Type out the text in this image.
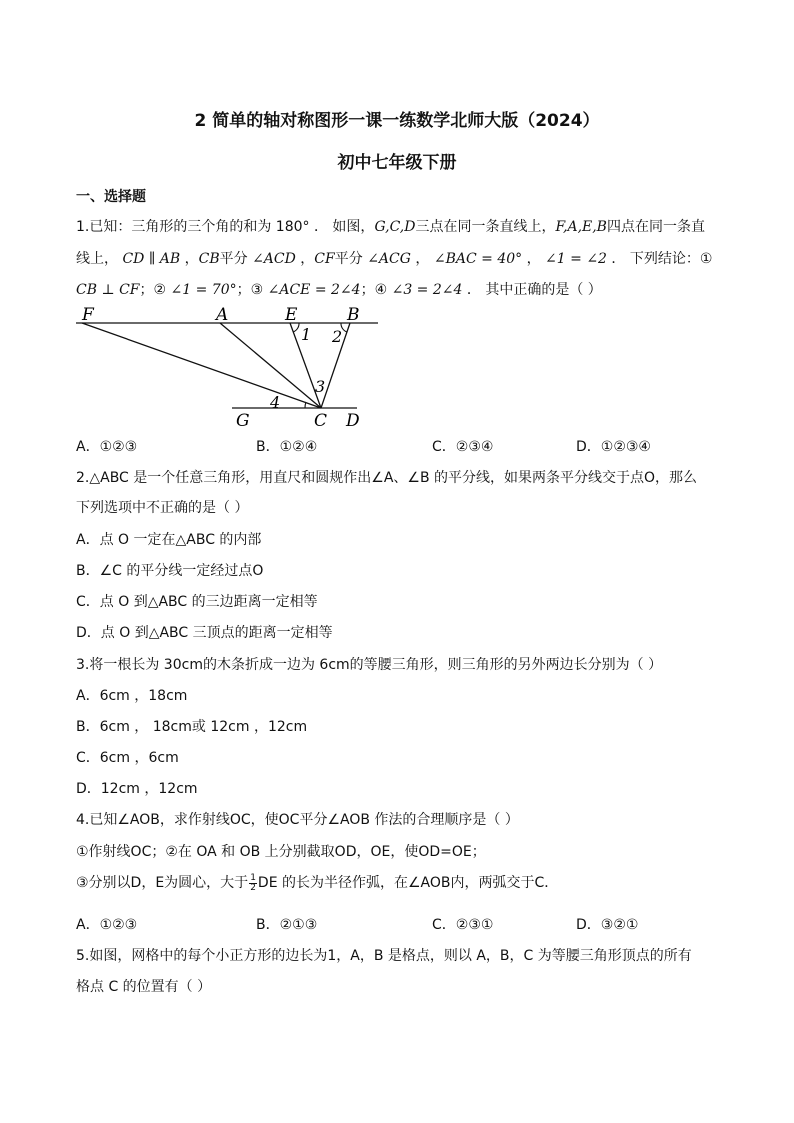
2 简单的轴对称图形一课一练数学北师大版（2024）
初中七年级下册
一、选择题
1.已知：三角形的三个角的和为 180° ． 如图，G,C,D三点在同一条直线上，F,A,E,B四点在同一条直
线上， CD ∥ AB ，CB平分 ∠ACD ，CF平分 ∠ACG ， ∠BAC = 40° ， ∠1 = ∠2 ． 下列结论：①
CB ⊥ CF；② ∠1 = 70°；③ ∠ACE = 2∠4；④ ∠3 = 2∠4 ． 其中正确的是（ ）
F	A	E	B
1 2
3
4
G	C D
A．①②③	B．①②④	C．②③④	D．①②③④
2.△ABC 是一个任意三角形，用直尺和圆规作出∠A、∠B 的平分线，如果两条平分线交于点O，那么
下列选项中不正确的是（ ）
A．点 O 一定在△ABC 的内部
B．∠C 的平分线一定经过点O
C．点 O 到△ABC 的三边距离一定相等
D．点 O 到△ABC 三顶点的距离一定相等
3.将一根长为 30cm的木条折成一边为 6cm的等腰三角形，则三角形的另外两边长分别为（ ）
A．6cm ，18cm
B．6cm ， 18cm或 12cm ，12cm
C．6cm ，6cm
D．12cm ，12cm
4.已知∠AOB，求作射线OC，使OC平分∠AOB 作法的合理顺序是（ ）
①作射线OC；②在 OA 和 OB 上分别截取OD，OE，使OD=OE；
③分别以D，E为圆心，大于 $\frac{1}{2}$ DE 的长为半径作弧，在∠AOB内，两弧交于C．
A．①②③	B．②①③	C．②③①	D．③②①
5.如图，网格中的每个小正方形的边长为1，A，B 是格点，则以 A，B，C 为等腰三角形顶点的所有
格点 C 的位置有（ ）
